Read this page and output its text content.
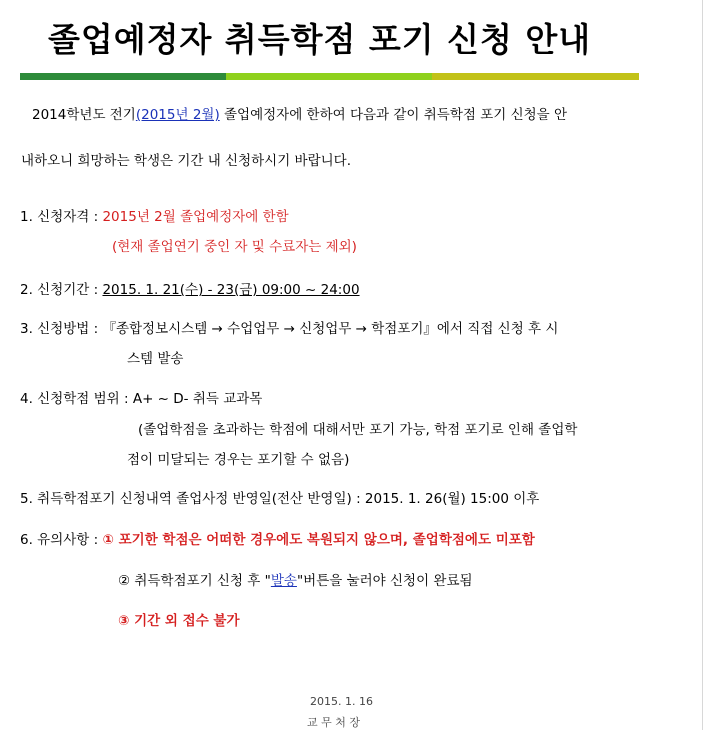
졸업예정자 취득학점 포기 신청 안내
2014학년도 전기(2015년 2월) 졸업예정자에 한하여 다음과 같이 취득학점 포기 신청을 안
내하오니 희망하는 학생은 기간 내 신청하시기 바랍니다.
1. 신청자격 : 2015년 2월 졸업예정자에 한함
(현재 졸업연기 중인 자 및 수료자는 제외)
2. 신청기간 : 2015. 1. 21(수) - 23(금) 09:00 ~ 24:00
3. 신청방법 : 『종합정보시스템 → 수업업무 → 신청업무 → 학점포기』에서 직접 신청 후 시
스템 발송
4. 신청학점 범위 : A+ ~ D- 취득 교과목
(졸업학점을 초과하는 학점에 대해서만 포기 가능, 학점 포기로 인해 졸업학
점이 미달되는 경우는 포기할 수 없음)
5. 취득학점포기 신청내역 졸업사정 반영일(전산 반영일) : 2015. 1. 26(월) 15:00 이후
6. 유의사항 : ① 포기한 학점은 어떠한 경우에도 복원되지 않으며, 졸업학점에도 미포함
② 취득학점포기 신청 후 "발송"버튼을 눌러야 신청이 완료됨
③ 기간 외 접수 불가
2015. 1. 16
교 무 처 장
